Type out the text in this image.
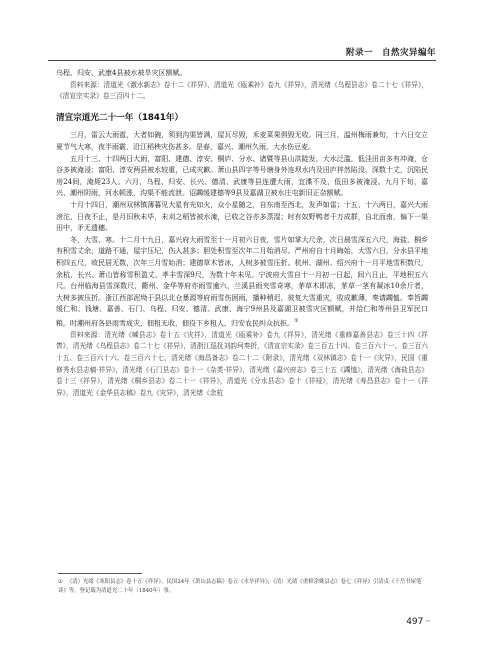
附录一　自然灾异编年

乌程、归安、武康4县被水被旱灾区额赋。

资料来源：清道光《激水新志》卷十二《祥异》，清道光《瓯乘补》卷九《祥异》，清光绪《乌程县志》卷二十七《祥异》，《清宣宗实录》卷三百四十二。

清宣宗道光二十一年（1841年）

三月，雷云大雨雹，大者如碗，须到沟渠皆满，屋瓦尽毁，禾麦菜果俱毁无收。同三月，温州梅雨兼旬，十六日交立夏节气大寒，夜半雨霰，沿江稻秧灾伤甚多。是春，嘉兴、潮州久雨，大水伤豆麦。

五月十三、十四两日大雨，富阳、建德、淳安、桐庐、分水、诸暨等县山洪陡发，大水泛滥，低洼田亩多有冲淹，仓谷多被淹浸；富阳、淳安两县被水较重，已成灾歉。萧山县四字等号塘身外连坝水内及田庐猝然陷没，深数十丈，沉陷民房24间，淹毙23人。六月，乌程、归安、长兴、德清、武康等县连遭大雨，宜渫不及，低田多被淹浸。九月下旬，嘉兴、潮州阴雨，河水顿涨，沟渠不能流泄。诏蠲缓建德等9县及嘉湖卫被水庄屯新旧正杂额赋。

十月十四日，潮州双林镇薄暮见大星有光如火，众小星随之，自东南至西北，发声如雷；十五、十六两日，嘉兴大雨滂沱，日夜不止，是月旧秋未毕，未刈之稻皆被水淹，已收之谷亦多蒸湿；时有奴野鸭者千万成群，自北而南，偏下一渠田中，矛无遗穗。

冬，大雪、寒。十二月十九日，嘉兴府大雨雪至十一月初六日夜，雪片如掌大尺余，次日晨雪深五六尺，海盐、桐乡有积雪丈余，道路不通，屋宇压圮，伤人甚多；胆处积雪至次年二月始消尽。严州府自十月晦始，大雪六日，分水县平地积四五尺，败民居无数，次年三月雪始消；建德草木皆冰，人树多被雪压折。杭州、湖州、绍兴府十一月平地雪积数尺，余杭、长兴、萧山皆称雪积盈丈，孝丰雪深9尺，为数十年未见。宁波府大雪自十一月初一日起，间六日止，平地积五六尺。台州临海县雪深数尺，衢州、金华等府亦雨雪逾六，兰溪县雨夹雪奇寒，茅草木即冻，茅草一茎有凝冰10余斤者，大树多被压折。浙江西部泥坳于县以北仓暴源等府雨雪伤困雨，播种稍迟，彼复大雪重灾，收成歉薄，奏请蠲恤。奉旨蠲缓仁和、钱塘、嘉善、石门、乌程、归安、德清、武康、海宁9州县及嘉湖卫被雪灾区额赋，并给仁和等州县卫军民口粮。时潮州府各县雨雪成灾，佃租无收，佃役下乡租人，归安农民纠众抗拒。①

资料来源：清光绪《嵊县志》卷十五《灾祥》，清道光《瓯乘补》卷九《祥异》，清光绪《重修嘉善县志》卷三十四《祥眚》，清光绪《乌程县志》卷二十七《祥异》，清浙江巡抚刘韵珂奏折，《清宣宗实录》卷三百五十四、卷三百六十一、卷三百六十五、卷三百六十六、卷三百六十七，清光绪《海昌备志》卷二十二《附录》，清光绪《双林镇志》卷十一《灾异》，民国《重修秀水县志稿·祥异》，清光绪《石门县志》卷十一《杂类·祥异》，清光绪《嘉兴府志》卷三十五《蠲恤》，清光绪《海盐县志》卷十三《祥异》，清光绪《桐乡县志》卷二十一《祥异》，清道光《分水县志》卷十《祥祲》，清光绪《寿昌县志》卷十一《祥异》，清道光《金华县志稿》卷九《灾异》，清光绪《余杭

① 《清）光绪《寒阳县志》卷十五《祥异》，民国24年《萧山县志稿》卷五《水旱祥异》，《清）光绪《重修余姚县志》卷七《祥异》引清贞《干岳书屋笔谈》等，登记载为清道光二十年（1840年）事。
497 ""
